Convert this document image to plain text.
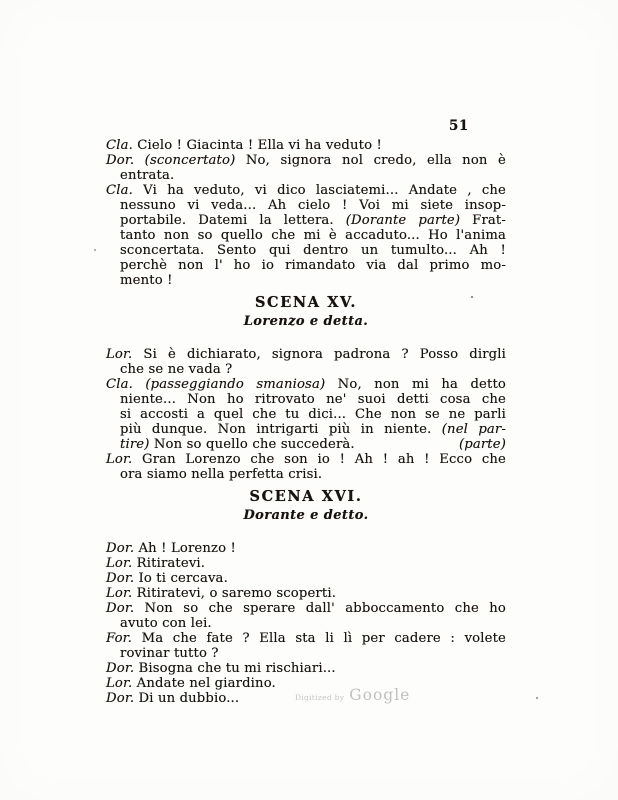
51
Cla. Cielo ! Giacinta ! Ella vi ha veduto !
Dor. (sconcertato) No, signora nol credo, ella non è
entrata.
Cla. Vi ha veduto, vi dico lasciatemi... Andate , che
nessuno vi veda... Ah cielo ! Voi mi siete insop-
portabile. Datemi la lettera. (Dorante parte) Frat-
tanto non so quello che mi è accaduto... Ho l'anima
sconcertata. Sento qui dentro un tumulto... Ah !
perchè non l' ho io rimandato via dal primo mo-
mento !
SCENA XV.
Lorenzo e detta.
Lor. Si è dichiarato, signora padrona ? Posso dirgli
che se ne vada ?
Cla. (passeggiando smaniosa) No, non mi ha detto
niente... Non ho ritrovato ne' suoi detti cosa che
si accosti a quel che tu dici... Che non se ne parli
più dunque. Non intrigarti più in niente. (nel par-
(parte)
tire) Non so quello che succederà.
Lor. Gran Lorenzo che son io ! Ah ! ah ! Ecco che
ora siamo nella perfetta crisi.
SCENA XVI.
Dorante e detto.
Dor. Ah ! Lorenzo !
Lor. Ritiratevi.
Dor. Io ti cercava.
Lor. Ritiratevi, o saremo scoperti.
Dor. Non so che sperare dall' abboccamento che ho
avuto con lei.
For. Ma che fate ? Ella sta li lì per cadere : volete
rovinar tutto ?
Dor. Bisogna che tu mi rischiari...
Lor. Andate nel giardino.
Dor. Di un dubbio...	Digitized by Google
